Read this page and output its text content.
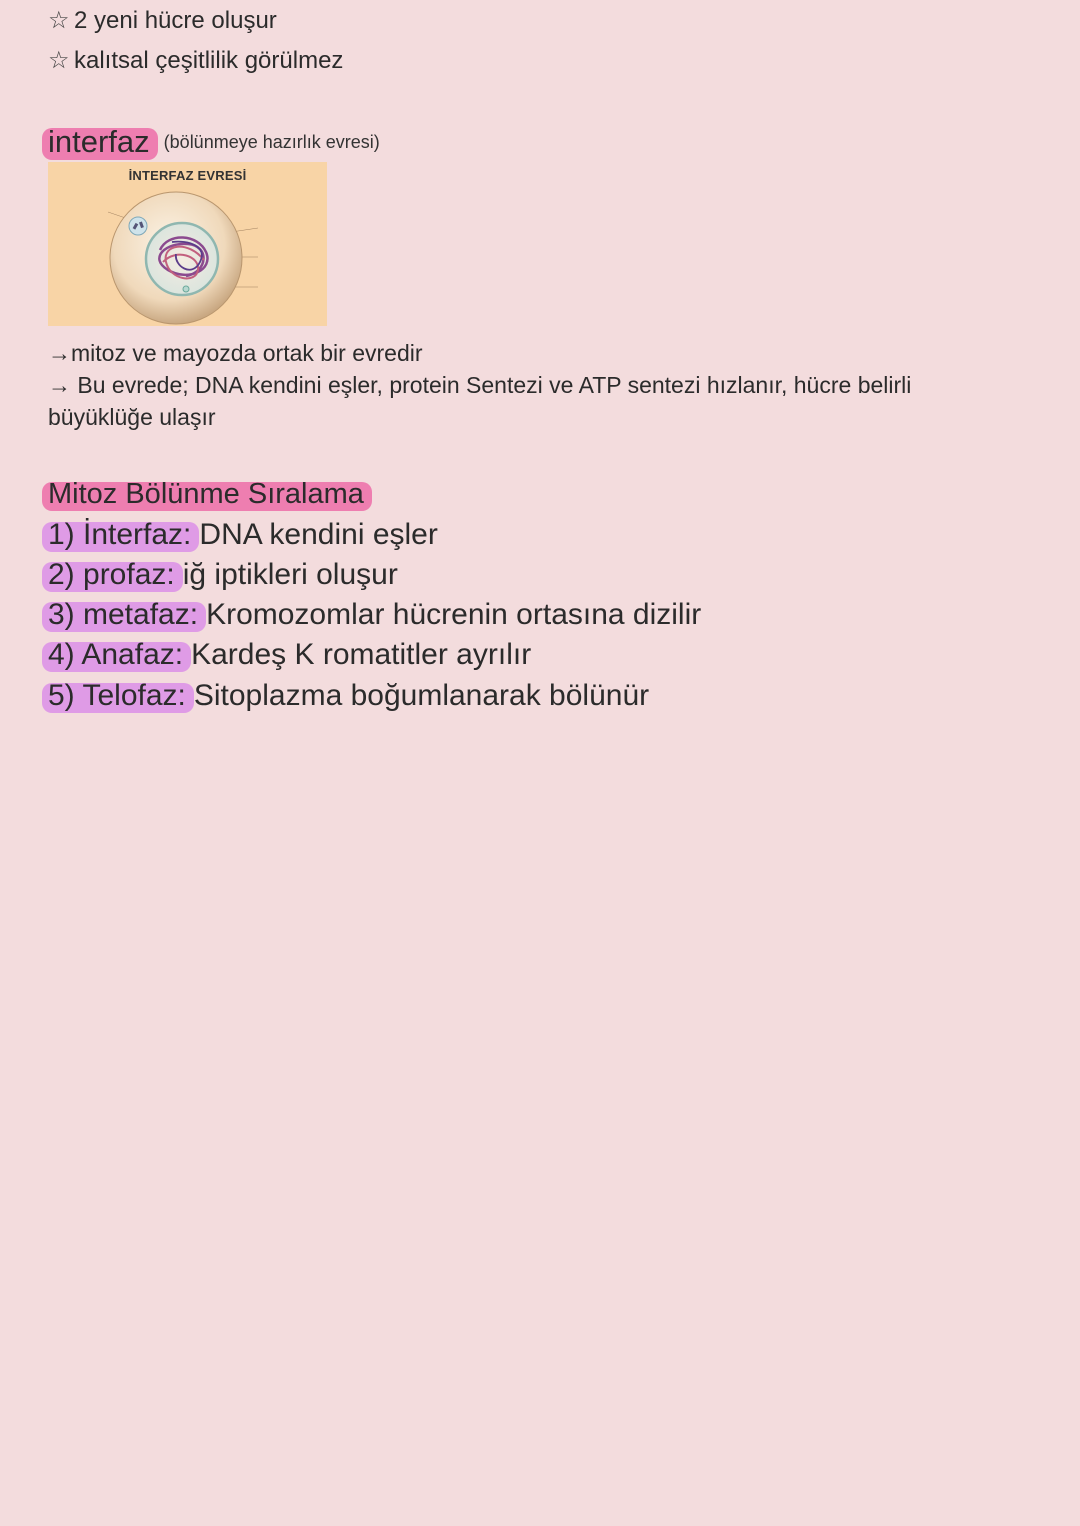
☆ 2 yeni hücre oluşur
☆ kalıtsal çeşitlilik görülmez
interfaz (bölünmeye hazırlık evresi)
İNTERFAZ EVRESİ
→mitoz ve mayozda ortak bir evredir
→ Bu evrede; DNA kendini eşler, protein Sentezi ve ATP sentezi hızlanır, hücre belirli
büyüklüğe ulaşır
Mitoz Bölünme Sıralama
1) İnterfaz: DNA kendini eşler
2) profaz: iğ iptikleri oluşur
3) metafaz: Kromozomlar hücrenin ortasına dizilir
4) Anafaz: Kardeş K romatitler ayrılır
5) Telofaz: Sitoplazma boğumlanarak bölünür
